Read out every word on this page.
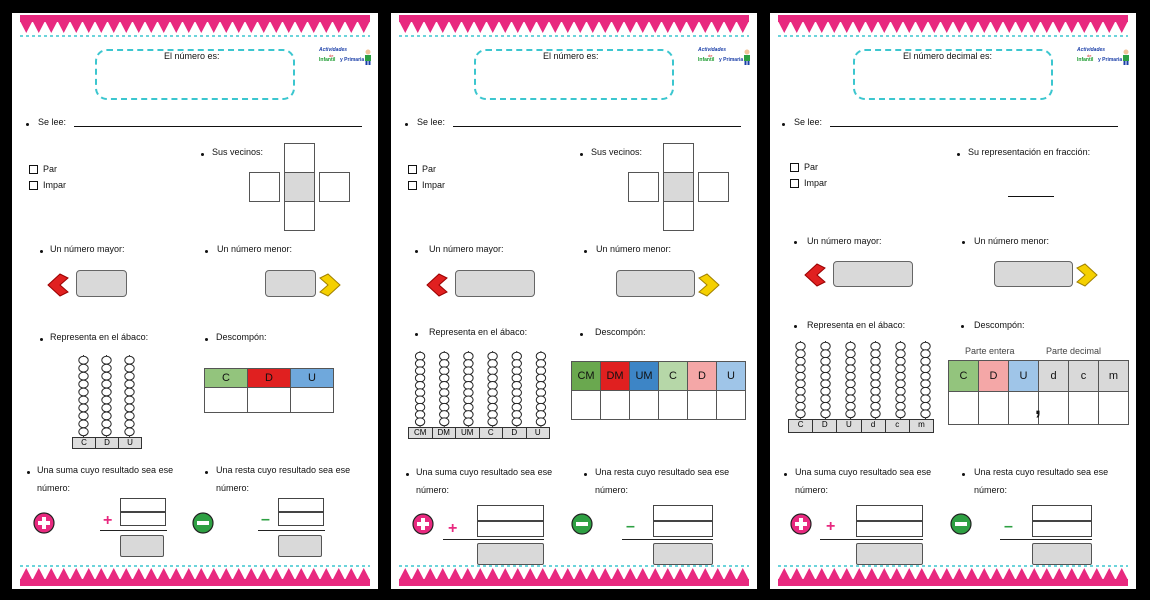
El número es:
Actividades
de
Infantil y Primaria
Se lee:
Par
Impar
Sus vecinos:
Un número mayor:	Un número menor:
Representa en el ábaco:
C	D	U
Descompón:
C	D	U

Una suma cuyo resultado sea ese
número:
+
Una resta cuyo resultado sea ese
número:
–
El número es:
Actividades
de
Infantil y Primaria
Se lee:
Par
Impar
Sus vecinos:
Un número mayor:	Un número menor:
Representa en el ábaco:
CM	DM	UM	C	D	U
Descompón:
CM	DM	UM	C	D	U

Una suma cuyo resultado sea ese
número:
+
Una resta cuyo resultado sea ese
número:
–
El número decimal es:
Actividades
de
Infantil y Primaria
Se lee:
Par
Impar
Su representación en fracción:
Un número mayor:	Un número menor:
Representa en el ábaco:
C	D	U	d	c	m
Descompón:
Parte entera	Parte decimal
C	D	U	d	c	m

		,			

Una suma cuyo resultado sea ese
número:
+
Una resta cuyo resultado sea ese
número:
–
